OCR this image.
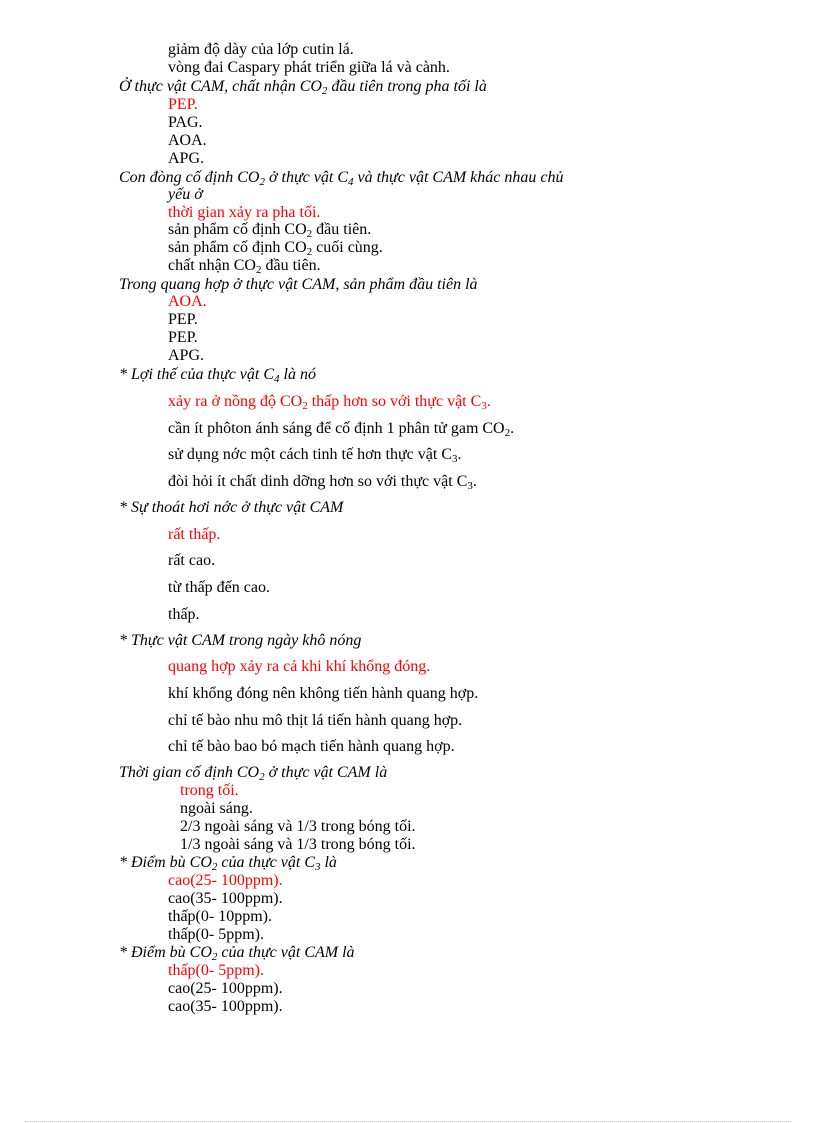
giảm độ dày của lớp cutin lá.
vòng đai Caspary phát triển giữa lá và cành.
Ở thực vật CAM, chất nhận $CO_2$ đầu tiên trong pha tối là
PEP.
PAG.
AOA.
APG.
Con đòng cố định $CO_2$ ở thực vật $C_4$ và thực vật CAM khác nhau chủ
yếu ở
thời gian xảy ra pha tối.
sản phẩm cố định $CO_2$ đầu tiên.
sản phẩm cố định $CO_2$ cuối cùng.
chất nhận $CO_2$ đầu tiên.
Trong quang hợp ở thực vật CAM, sản phẩm đầu tiên là
AOA.
PEP.
PEP.
APG.
* Lợi thế của thực vật $C_4$ là nó
xảy ra ở nồng độ $CO_2$ thấp hơn so với thực vật $C_3$.
cần ít phôton ánh sáng để cố định 1 phân tử gam $CO_2$.
sử dụng nớc một cách tinh tế hơn thực vật $C_3$.
đòi hỏi ít chất dinh dỡng hơn so với thực vật $C_3$.
* Sự thoát hơi nớc ở thực vật CAM
rất thấp.
rất cao.
từ thấp đến cao.
thấp.
* Thực vật CAM trong ngày khô nóng
quang hợp xảy ra cả khi khí khổng đóng.
khí khổng đóng nên không tiến hành quang hợp.
chỉ tế bào nhu mô thịt lá tiến hành quang hợp.
chỉ tế bào bao bó mạch tiến hành quang hợp.
Thời gian cố định $CO_2$ ở thực vật CAM là
trong tối.
ngoài sáng.
2/3 ngoài sáng và 1/3 trong bóng tối.
1/3 ngoài sáng và 1/3 trong bóng tối.
* Điểm bù $CO_2$ của thực vật $C_3$ là
cao(25- 100ppm).
cao(35- 100ppm).
thấp(0- 10ppm).
thấp(0- 5ppm).
* Điểm bù $CO_2$ của thực vật CAM là
thấp(0- 5ppm).
cao(25- 100ppm).
cao(35- 100ppm).
